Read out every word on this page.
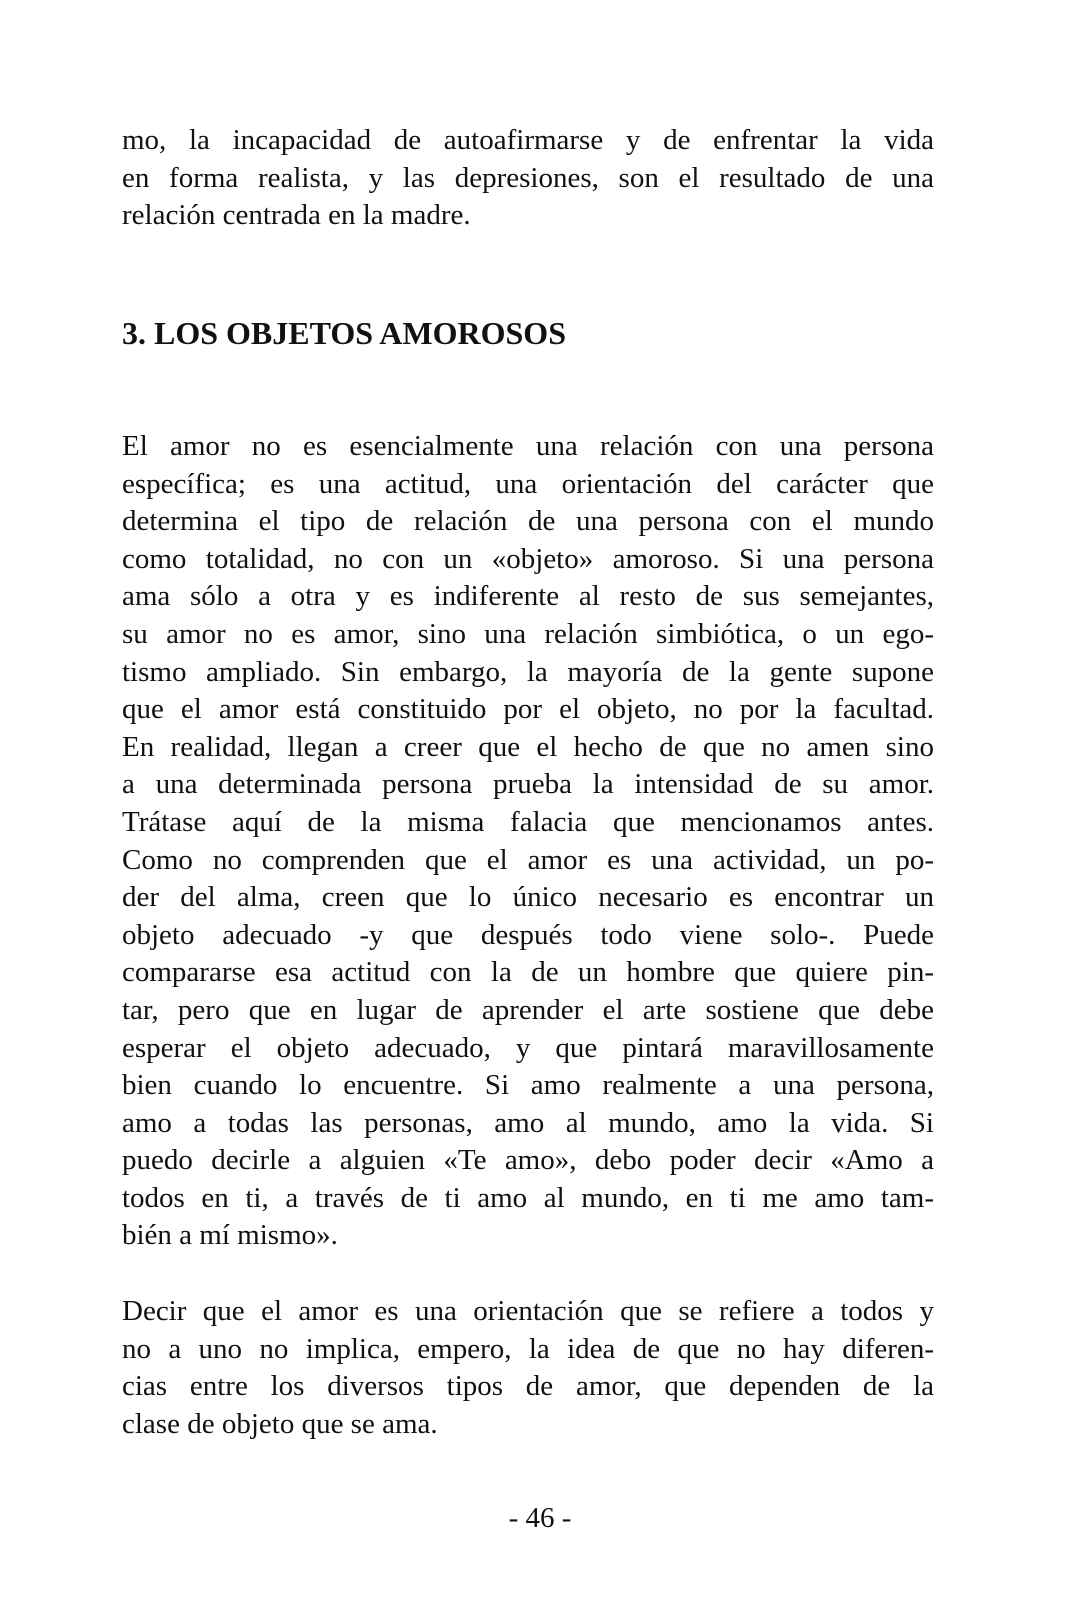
mo, la incapacidad de autoafirmarse y de enfrentar la vida
en forma realista, y las depresiones, son el resultado de una
relación centrada en la madre.
3. LOS OBJETOS AMOROSOS
El amor no es esencialmente una relación con una persona
específica; es una actitud, una orientación del carácter que
determina el tipo de relación de una persona con el mundo
como totalidad, no con un «objeto» amoroso. Si una persona
ama sólo a otra y es indiferente al resto de sus semejantes,
su amor no es amor, sino una relación simbiótica, o un ego-
tismo ampliado. Sin embargo, la mayoría de la gente supone
que el amor está constituido por el objeto, no por la facultad.
En realidad, llegan a creer que el hecho de que no amen sino
a una determinada persona prueba la intensidad de su amor.
Trátase aquí de la misma falacia que mencionamos antes.
Como no comprenden que el amor es una actividad, un po-
der del alma, creen que lo único necesario es encontrar un
objeto adecuado -y que después todo viene solo-. Puede
compararse esa actitud con la de un hombre que quiere pin-
tar, pero que en lugar de aprender el arte sostiene que debe
esperar el objeto adecuado, y que pintará maravillosamente
bien cuando lo encuentre. Si amo realmente a una persona,
amo a todas las personas, amo al mundo, amo la vida. Si
puedo decirle a alguien «Te amo», debo poder decir «Amo a
todos en ti, a través de ti amo al mundo, en ti me amo tam-
bién a mí mismo».
Decir que el amor es una orientación que se refiere a todos y
no a uno no implica, empero, la idea de que no hay diferen-
cias entre los diversos tipos de amor, que dependen de la
clase de objeto que se ama.
- 46 -
